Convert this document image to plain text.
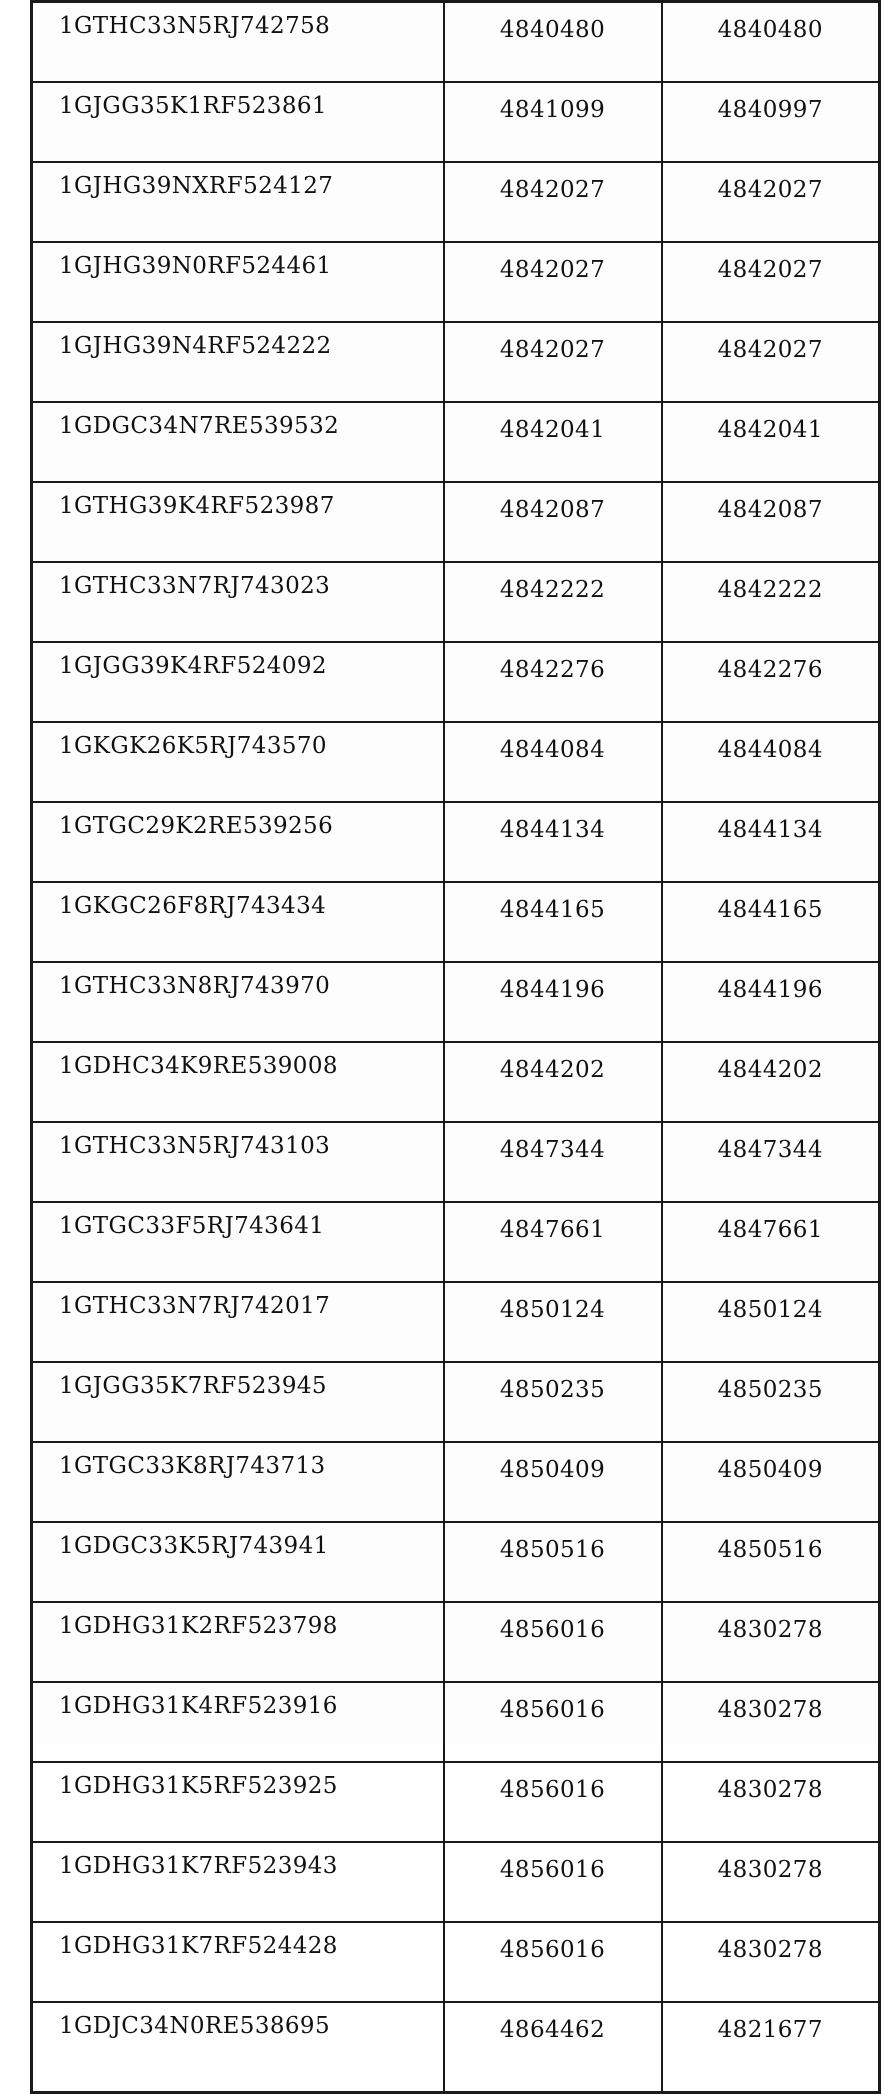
1GTHC33N5RJ742758	4840480	4840480
1GJGG35K1RF523861	4841099	4840997
1GJHG39NXRF524127	4842027	4842027
1GJHG39N0RF524461	4842027	4842027
1GJHG39N4RF524222	4842027	4842027
1GDGC34N7RE539532	4842041	4842041
1GTHG39K4RF523987	4842087	4842087
1GTHC33N7RJ743023	4842222	4842222
1GJGG39K4RF524092	4842276	4842276
1GKGK26K5RJ743570	4844084	4844084
1GTGC29K2RE539256	4844134	4844134
1GKGC26F8RJ743434	4844165	4844165
1GTHC33N8RJ743970	4844196	4844196
1GDHC34K9RE539008	4844202	4844202
1GTHC33N5RJ743103	4847344	4847344
1GTGC33F5RJ743641	4847661	4847661
1GTHC33N7RJ742017	4850124	4850124
1GJGG35K7RF523945	4850235	4850235
1GTGC33K8RJ743713	4850409	4850409
1GDGC33K5RJ743941	4850516	4850516
1GDHG31K2RF523798	4856016	4830278
1GDHG31K4RF523916	4856016	4830278
1GDHG31K5RF523925	4856016	4830278
1GDHG31K7RF523943	4856016	4830278
1GDHG31K7RF524428	4856016	4830278
1GDJC34N0RE538695	4864462	4821677
